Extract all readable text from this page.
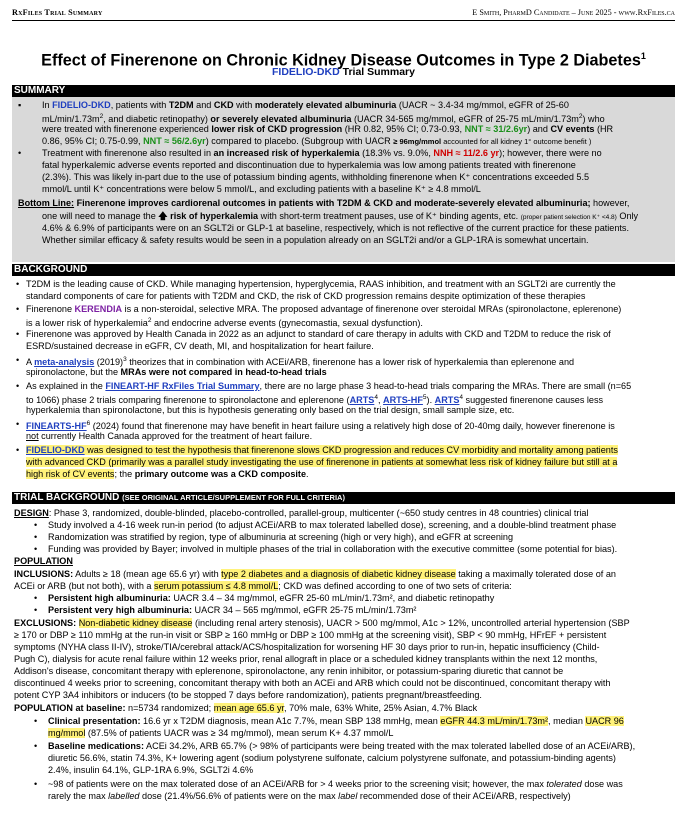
RxFiles Trial Summary	E Smith, PharmD Candidate – June 2025 - www.RxFiles.ca
Effect of Finerenone on Chronic Kidney Disease Outcomes in Type 2 Diabetes$^1$
FIDELIO-DKD Trial Summary
SUMMARY
▪ In FIDELIO-DKD, patients with T2DM and CKD with moderately elevated albuminuria (UACR ~ 3.4-34 mg/mmol, eGFR of 25-60
$mL/\min/1.73m^2$, and diabetic retinopathy) or severely elevated albuminuria (UACR 34-565 mg/mmol, eGFR of 25-75 $mL/\min/1.73m^2$) who
were treated with finerenone experienced lower risk of CKD progression (HR 0.82, 95% CI; 0.73-0.93, NNT ≈ 31/2.6yr) and CV events (HR
0.86, 95% CI; 0.75-0.99, NNT ≈ 56/2.6yr) compared to placebo. (Subgroup with UACR ≥ 96mg/mmol accounted for all kidney 1° outcome benefit )
• Treatment with finerenone also resulted in an increased risk of hyperkalemia (18.3% vs. 9.0%, NNH ≈ 11/2.6 yr); however, there were no
fatal hyperkalemic adverse events reported and discontinuation due to hyperkalemia was low among patients treated with finerenone
(2.3%). This was likely in-part due to the use of potassium binding agents, withholding finerenone when K⁺ concentrations exceeded 5.5
mmol/L until K⁺ concentrations were below 5 mmol/L, and excluding patients with a baseline K⁺ ≥ 4.8 mmol/L
Bottom Line: Finerenone improves cardiorenal outcomes in patients with T2DM & CKD and moderate-severely elevated albuminuria; however,
one will need to manage the 🡅 risk of hyperkalemia with short-term treatment pauses, use of K⁺ binding agents, etc. (proper patient selection K⁺ <4.8) Only
4.6% & 6.9% of participants were on an SGLT2i or GLP-1 at baseline, respectively, which is not reflective of the current practice for these patients.
Whether similar efficacy & safety results would be seen in a population already on an SGLT2i and/or a GLP-1RA is somewhat uncertain.
BACKGROUND
• T2DM is the leading cause of CKD. While managing hypertension, hyperglycemia, RAAS inhibition, and treatment with an SGLT2i are currently the
standard components of care for patients with T2DM and CKD, the risk of CKD progression remains despite optimization of these therapies
• Finerenone KERENDIA is a non-steroidal, selective MRA. The proposed advantage of finerenone over steroidal MRAs (spironolactone, eplerenone)
is a lower risk of hyperkalemia$^2$ and endocrine adverse events (gynecomastia, sexual dysfunction).
• Finerenone was approved by Health Canada in 2022 as an adjunct to standard of care therapy in adults with CKD and T2DM to reduce the risk of
ESRD/sustained decrease in eGFR, CV death, MI, and hospitalization for heart failure.
• A meta-analysis $(2019)^3$ theorizes that in combination with ACEi/ARB, finerenone has a lower risk of hyperkalemia than eplerenone and
spironolactone, but the MRAs were not compared in head-to-head trials
• As explained in the FINEART-HF RxFiles Trial Summary, there are no large phase 3 head-to-head trials comparing the MRAs. There are small (n=65
to 1066) phase 2 trials comparing finerenone to spironolactone and eplerenone (ARTS$^4$, ARTS-$HF^5$). ARTS$^4$ suggested finerenone causes less
hyperkalemia than spironolactone, but this is hypothesis generating only based on the trial design, small sample size, etc.
• FINEARTS-$HF^6$ (2024) found that finerenone may have benefit in heart failure using a relatively high dose of 20-40mg daily, however finerenone is
not currently Health Canada approved for the treatment of heart failure.
• FIDELIO-DKD was designed to test the hypothesis that finerenone slows CKD progression and reduces CV morbidity and mortality among patients
with advanced CKD (primarily was a parallel study investigating the use of finerenone in patients at somewhat less risk of kidney failure but still at a
high risk of CV events; the primary outcome was a CKD composite.
TRIAL BACKGROUND (SEE ORIGINAL ARTICLE/SUPPLEMENT FOR FULL CRITERIA)
DESIGN: Phase 3, randomized, double-blinded, placebo-controlled, parallel-group, multicenter (~650 study centres in 48 countries) clinical trial
• Study involved a 4-16 week run-in period (to adjust ACEi/ARB to max tolerated labelled dose), screening, and a double-blind treatment phase
• Randomization was stratified by region, type of albuminuria at screening (high or very high), and eGFR at screening
• Funding was provided by Bayer; involved in multiple phases of the trial in collaboration with the executive committee (some potential for bias).
POPULATION
INCLUSIONS: Adults ≥ 18 (mean age 65.6 yr) with type 2 diabetes and a diagnosis of diabetic kidney disease taking a maximally tolerated dose of an
ACEi or ARB (but not both), with a serum potassium ≤ 4.8 mmol/L; CKD was defined according to one of two sets of criteria:
• Persistent high albuminuria: UACR 3.4 – 34 mg/mmol, eGFR 25-60 mL/min/1.73m², and diabetic retinopathy
• Persistent very high albuminuria: UACR 34 – 565 mg/mmol, eGFR 25-75 mL/min/1.73m²
EXCLUSIONS: Non-diabetic kidney disease (including renal artery stenosis), UACR > 500 mg/mmol, A1c > 12%, uncontrolled arterial hypertension (SBP
≥ 170 or DBP ≥ 110 mmHg at the run-in visit or SBP ≥ 160 mmHg or DBP ≥ 100 mmHg at the screening visit), SBP < 90 mmHg, HFrEF + persistent
symptoms (NYHA class II-IV), stroke/TIA/cerebral attack/ACS/hospitalization for worsening HF 30 days prior to run-in, hepatic insufficiency (Child-
Pugh C), dialysis for acute renal failure within 12 weeks prior, renal allograft in place or a scheduled kidney transplants within the next 12 months,
Addison's disease, concomitant therapy with eplerenone, spironolactone, any renin inhibitor, or potassium-sparing diuretic that cannot be
discontinued 4 weeks prior to screening, concomitant therapy with both an ACEi and ARB which could not be discontinued, concomitant therapy with
potent CYP 3A4 inhibitors or inducers (to be stopped 7 days before randomization), patients pregnant/breastfeeding.
POPULATION at baseline: n=5734 randomized; mean age 65.6 yr, 70% male, 63% White, 25% Asian, 4.7% Black
• Clinical presentation: 16.6 yr x T2DM diagnosis, mean A1c 7.7%, mean SBP 138 mmHg, mean eGFR 44.3 mL/min/1.73m², median UACR 96
mg/mmol (87.5% of patients UACR was ≥ 34 mg/mmol), mean serum K+ 4.37 mmol/L
• Baseline medications: ACEi 34.2%, ARB 65.7% (> 98% of participants were being treated with the max tolerated labelled dose of an ACEi/ARB),
diuretic 56.6%, statin 74.3%, K+ lowering agent (sodium polystyrene sulfonate, calcium polystyrene sulfonate, and potassium-binding agents)
2.4%, insulin 64.1%, GLP-1RA 6.9%, SGLT2i 4.6%
• ~98 of patients were on the max tolerated dose of an ACEi/ARB for > 4 weeks prior to the screening visit; however, the max tolerated dose was
rarely the max labelled dose (21.4%/56.6% of patients were on the max label recommended dose of their ACEi/ARB, respectively)
